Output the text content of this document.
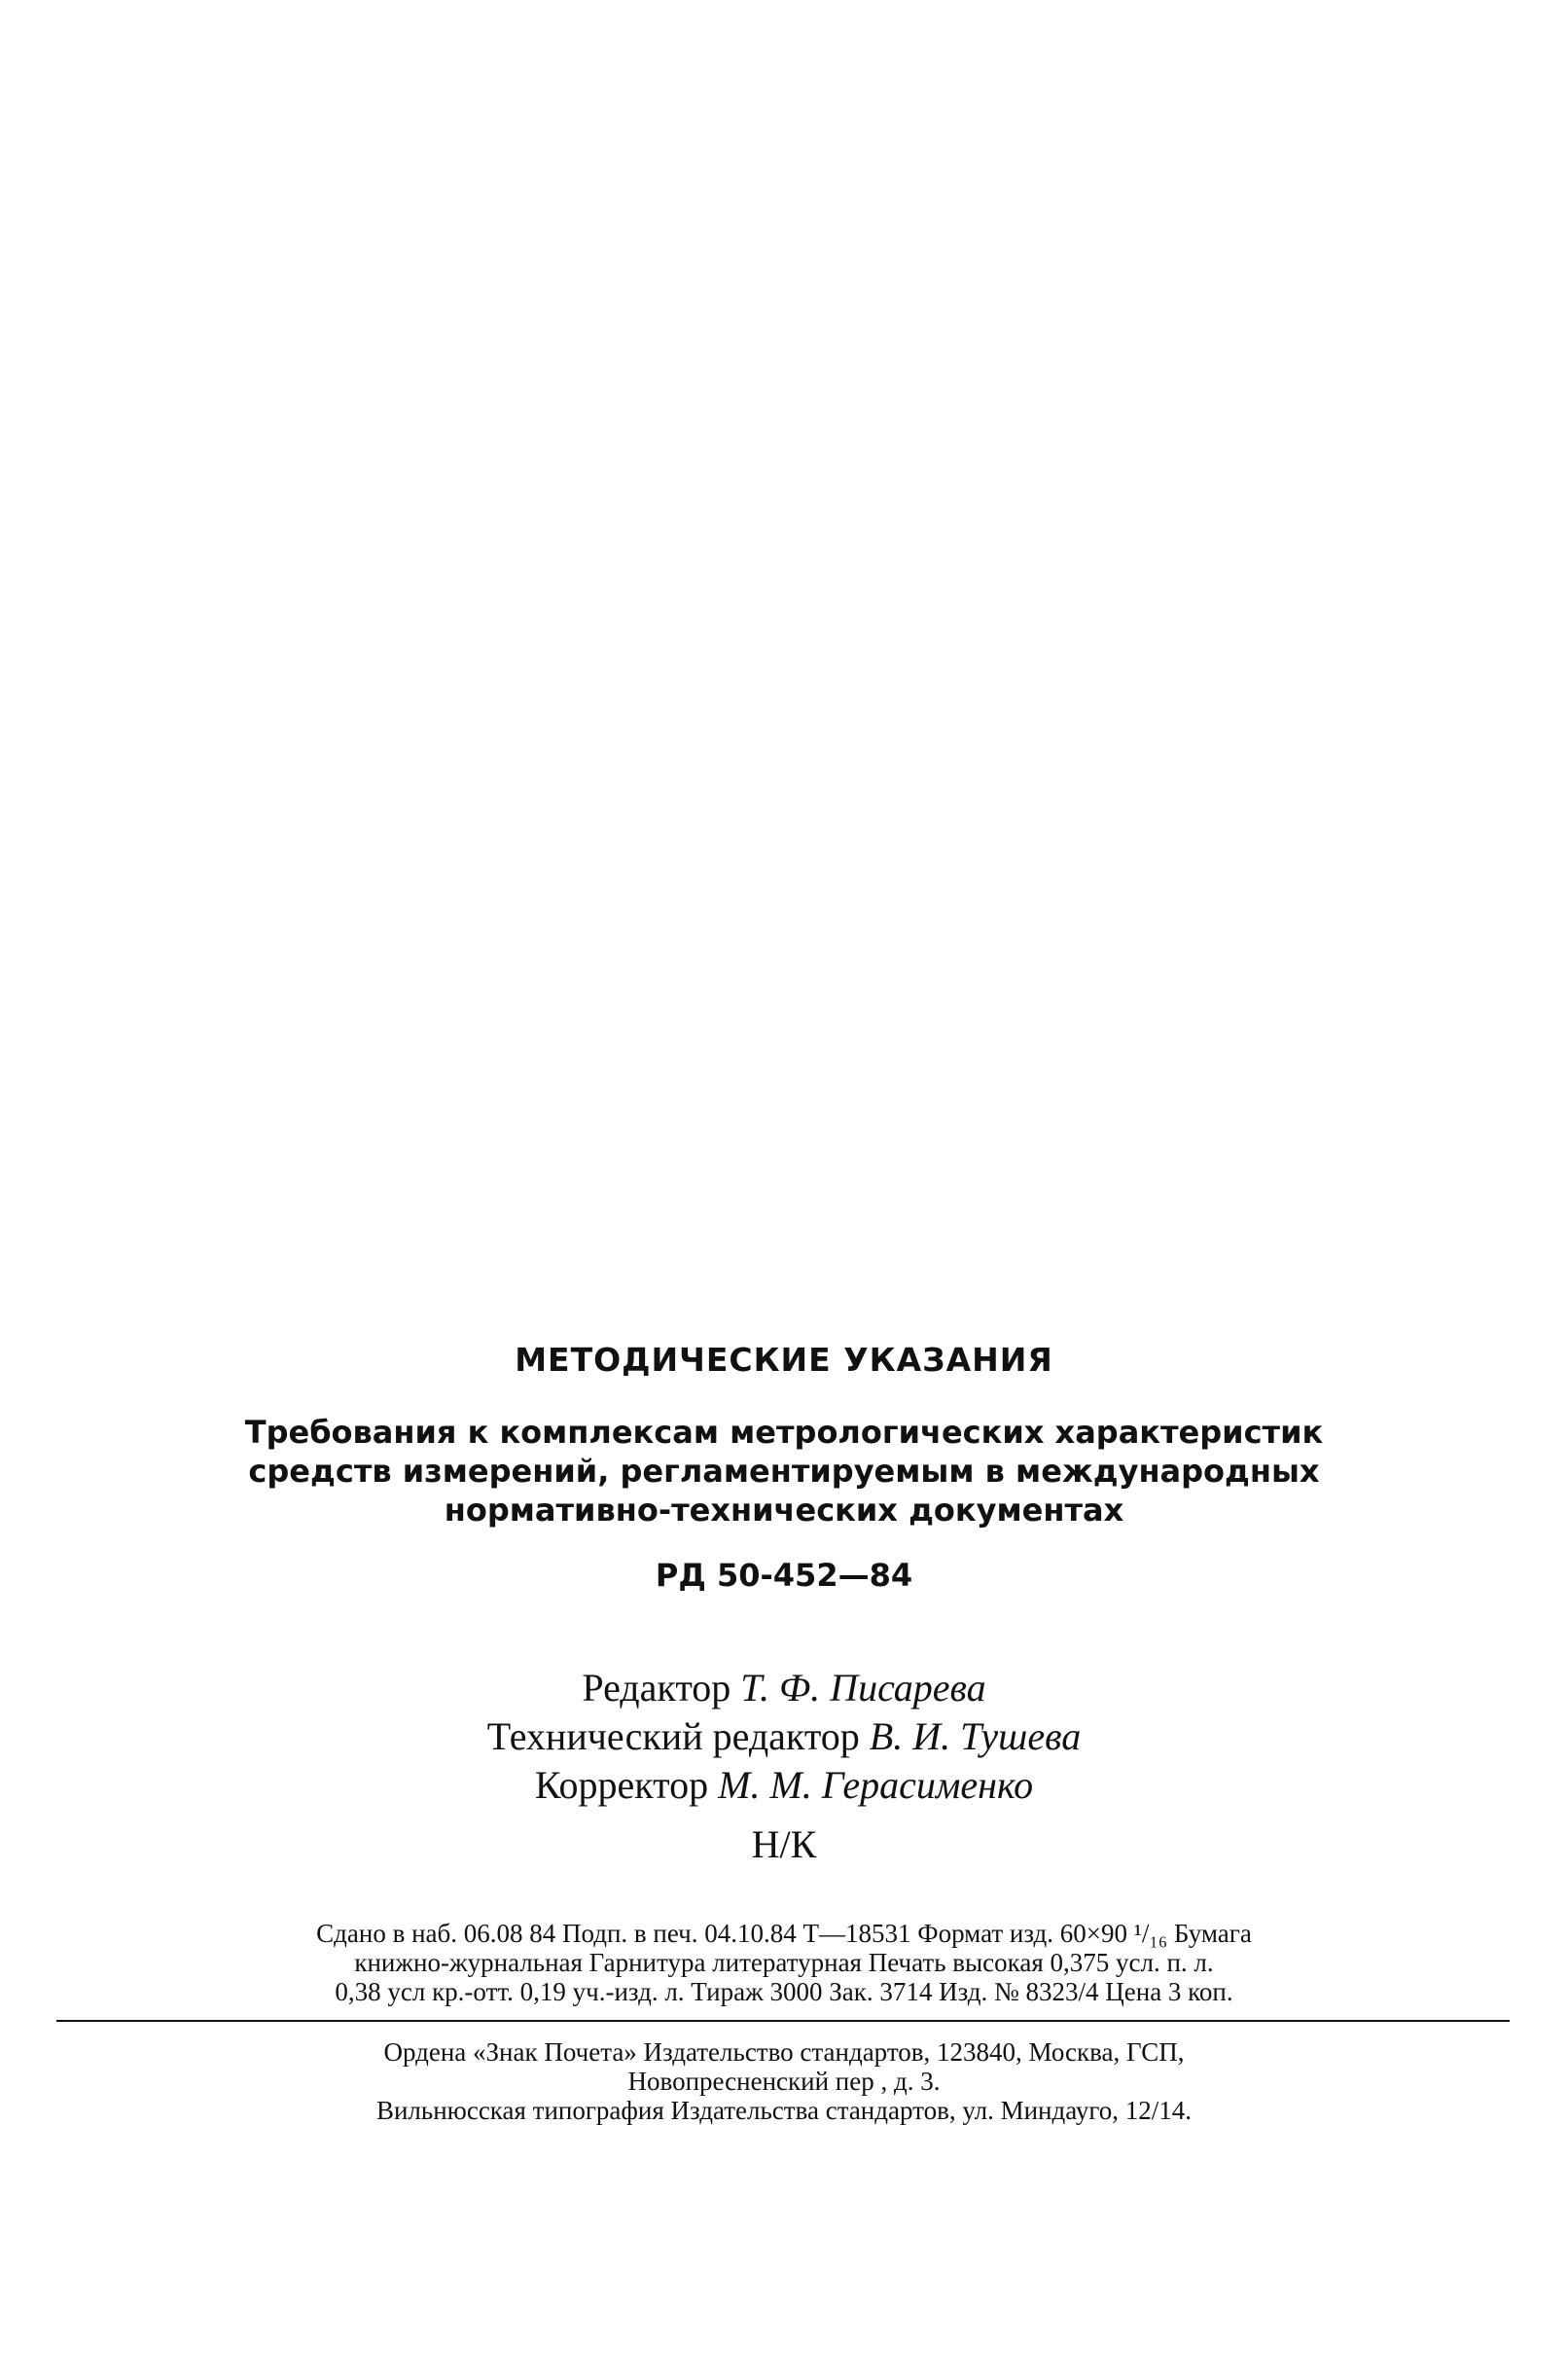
МЕТОДИЧЕСКИЕ УКАЗАНИЯ
Требования к комплексам метрологических характеристик
средств измерений, регламентируемым в международных
нормативно-технических документах
РД 50-452—84
Редактор Т. Ф. Писарева
Технический редактор В. И. Тушева
Корректор М. М. Герасименко
Н/К
Сдано в наб. 06.08 84 Подп. в печ. 04.10.84 Т—18531 Формат изд. 60×90 ¹/₁₆ Бумага
книжно-журнальная Гарнитура литературная Печать высокая 0,375 усл. п. л.
0,38 усл кр.-отт. 0,19 уч.-изд. л. Тираж 3000 Зак. 3714 Изд. № 8323/4 Цена 3 коп.
Ордена «Знак Почета» Издательство стандартов, 123840, Москва, ГСП,
Новопресненский пер , д. 3.
Вильнюсская типография Издательства стандартов, ул. Миндауго, 12/14.
